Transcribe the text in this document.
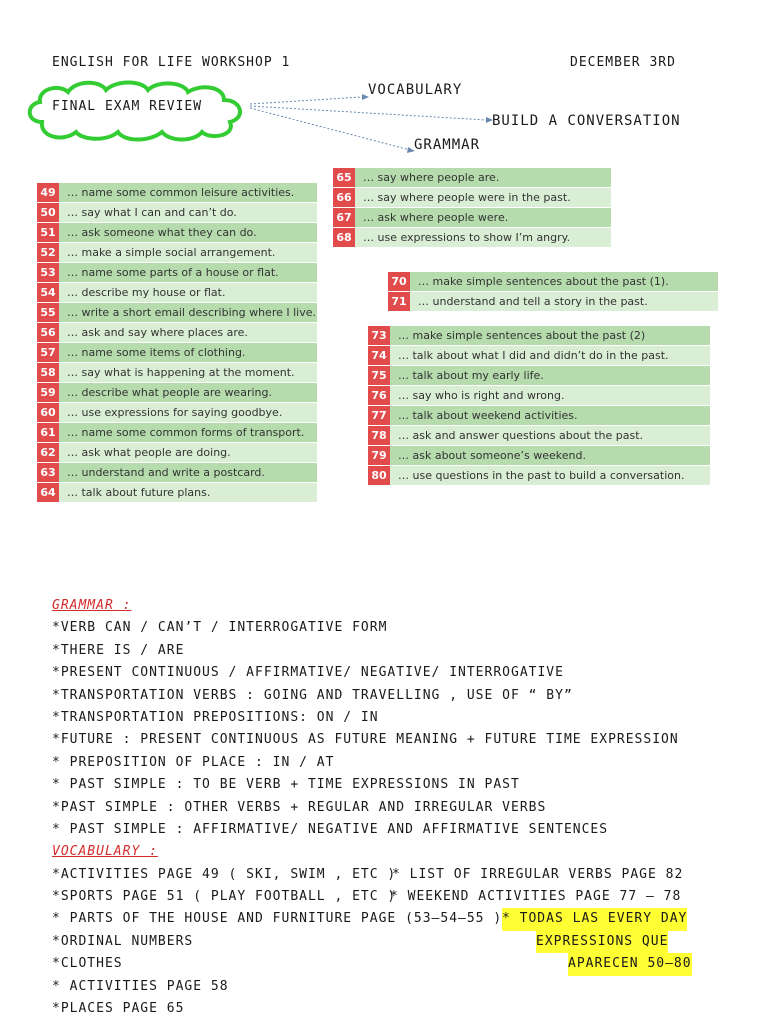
ENGLISH FOR LIFE WORKSHOP 1	DECEMBER 3RD
FINAL EXAM REVIEW
VOCABULARY
BUILD A CONVERSATION
GRAMMAR
49	… name some common leisure activities.
50	… say what I can and can’t do.
51	… ask someone what they can do.
52	… make a simple social arrangement.
53	… name some parts of a house or flat.
54	… describe my house or flat.
55	… write a short email describing where I live.
56	… ask and say where places are.
57	… name some items of clothing.
58	… say what is happening at the moment.
59	… describe what people are wearing.
60	… use expressions for saying goodbye.
61	… name some common forms of transport.
62	… ask what people are doing.
63	… understand and write a postcard.
64	… talk about future plans.
65	… say where people are.
66	… say where people were in the past.
67	… ask where people were.
68	… use expressions to show I’m angry.
70	… make simple sentences about the past (1).
71	… understand and tell a story in the past.
73	… make simple sentences about the past (2)
74	… talk about what I did and didn’t do in the past.
75	… talk about my early life.
76	… say who is right and wrong.
77	… talk about weekend activities.
78	… ask and answer questions about the past.
79	… ask about someone’s weekend.
80	… use questions in the past to build a conversation.
GRAMMAR :
*VERB CAN / CAN’T / INTERROGATIVE FORM
*THERE IS / ARE
*PRESENT CONTINUOUS / AFFIRMATIVE/ NEGATIVE/ INTERROGATIVE
*TRANSPORTATION VERBS : GOING AND TRAVELLING , USE OF “ BY”
*TRANSPORTATION PREPOSITIONS: ON / IN
*FUTURE : PRESENT CONTINUOUS AS FUTURE MEANING + FUTURE TIME EXPRESSION
* PREPOSITION OF PLACE : IN / AT
* PAST SIMPLE : TO BE VERB + TIME EXPRESSIONS IN PAST
*PAST SIMPLE : OTHER VERBS + REGULAR AND IRREGULAR VERBS
* PAST SIMPLE : AFFIRMATIVE/ NEGATIVE AND AFFIRMATIVE SENTENCES
VOCABULARY :
*ACTIVITIES PAGE 49 ( SKI, SWIM , ETC )
* LIST OF IRREGULAR VERBS PAGE 82
*SPORTS PAGE 51 ( PLAY FOOTBALL , ETC )
* WEEKEND ACTIVITIES PAGE 77 – 78
* PARTS OF THE HOUSE AND FURNITURE PAGE (53–54–55 ) * TODAS LAS EVERY DAY
*ORDINAL NUMBERS	EXPRESSIONS QUE
*CLOTHES	APARECEN 50–80
* ACTIVITIES PAGE 58
*PLACES PAGE 65
